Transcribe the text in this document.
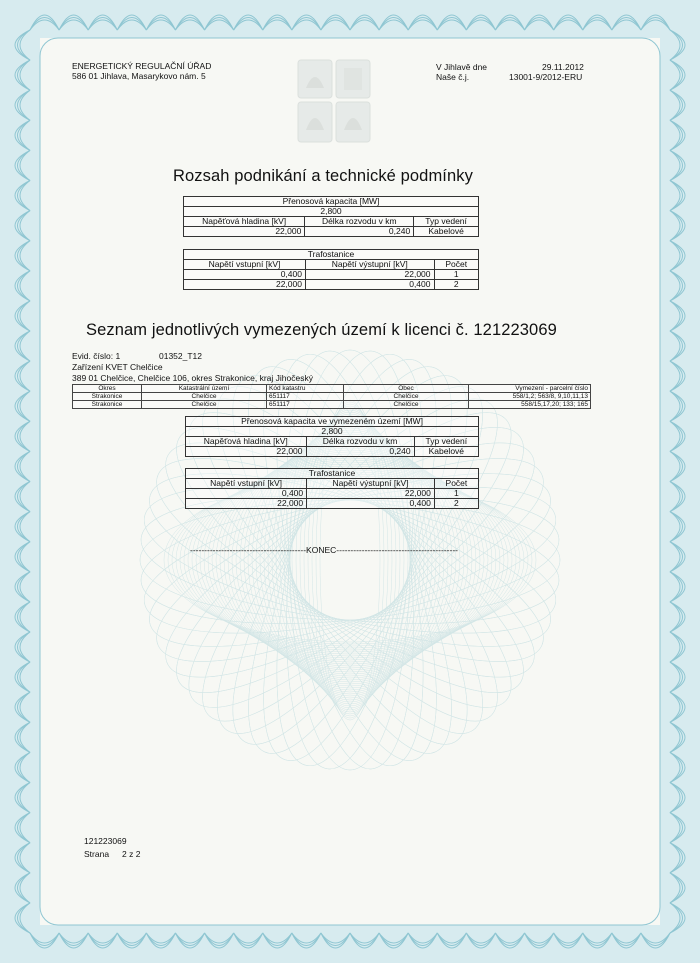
ENERGETICKÝ REGULAČNÍ ÚŘAD
586 01 Jihlava, Masarykovo nám. 5
V Jihlavě dne	29.11.2012
Naše č.j.	13001-9/2012-ERU
Rozsah podnikání a technické podmínky
Přenosová kapacita [MW]		
2,800		
Napěťová hladina [kV]	Délka rozvodu v km	Typ vedení
22,000	0,240	Kabelové
Trafostanice		
Napětí vstupní [kV]	Napětí výstupní [kV]	Počet
0,400	22,000	1
22,000	0,400	2
Seznam jednotlivých vymezených území k licenci č. 121223069
Evid. číslo: 1	01352_T12
Zařízení KVET Chelčice
389 01 Chelčice, Chelčice 106, okres Strakonice, kraj Jihočeský
Okres	Katastrální území	Kód katastru	Obec	Vymezení - parcelní číslo
Strakonice	Chelčice	651117	Chelčice	558/1,2; 563/8, 9,10,11,13
Strakonice	Chelčice	651117	Chelčice	558/15,17,20; 133; 165
Přenosová kapacita ve vymezeném území [MW]		
2,800		
Napěťová hladina [kV]	Délka rozvodu v km	Typ vedení
22,000	0,240	Kabelové
Trafostanice		
Napětí vstupní [kV]	Napětí výstupní [kV]	Počet
0,400	22,000	1
22,000	0,400	2
-----------------------------------------KONEC-------------------------------------------
121223069
Strana 2 z 2
